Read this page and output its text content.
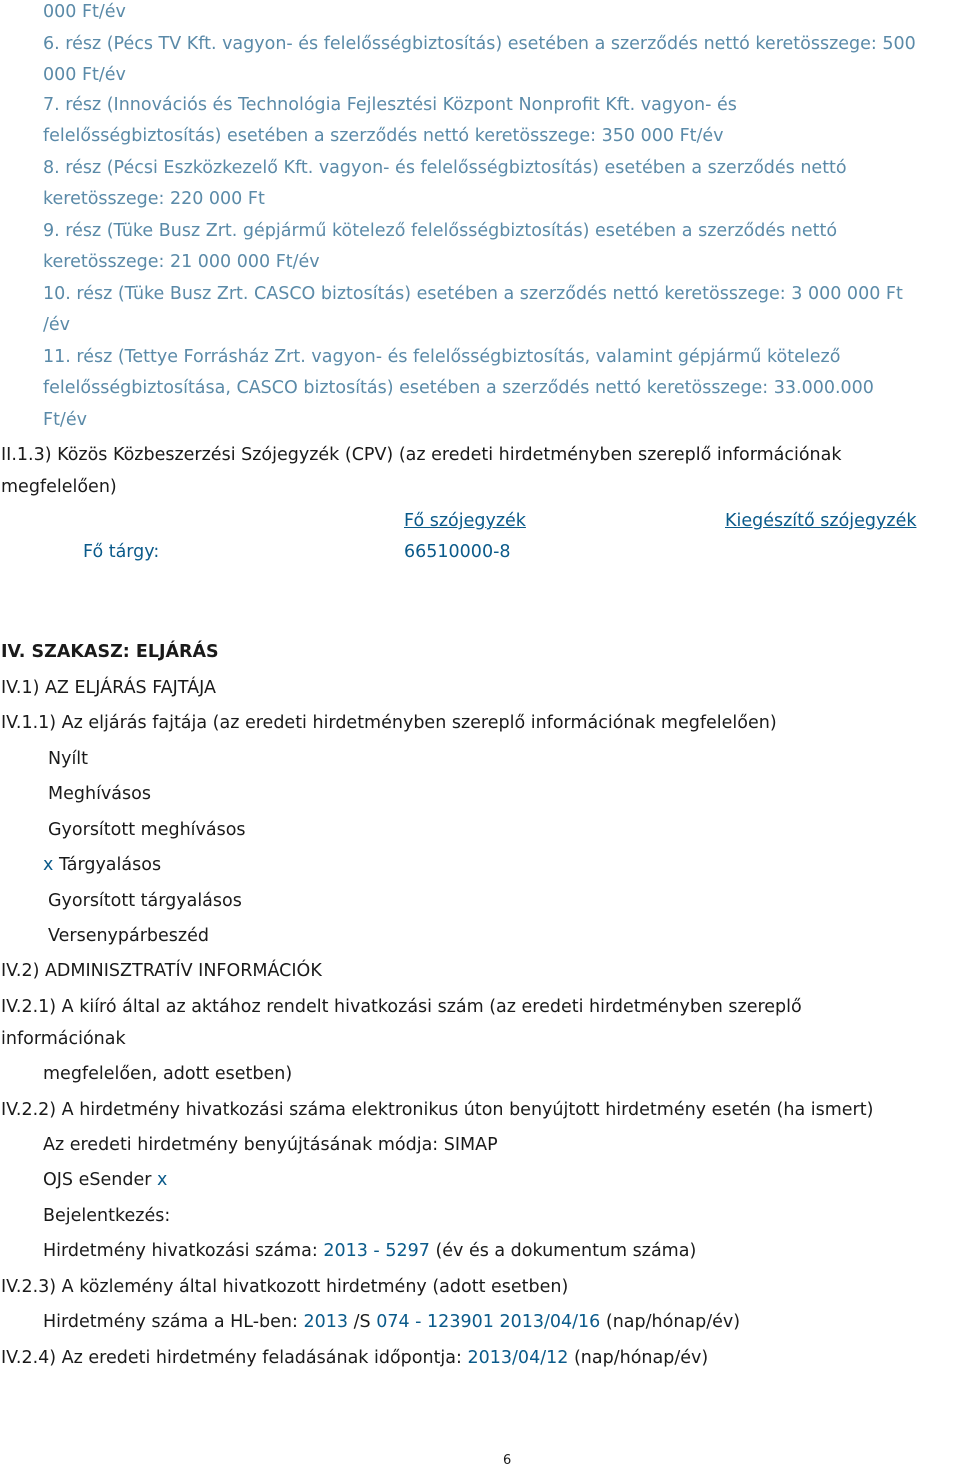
000 Ft/év
6. rész (Pécs TV Kft. vagyon- és felelősségbiztosítás) esetében a szerződés nettó keretösszege: 500
000 Ft/év
7. rész (Innovációs és Technológia Fejlesztési Központ Nonprofit Kft. vagyon- és
felelősségbiztosítás) esetében a szerződés nettó keretösszege: 350 000 Ft/év
8. rész (Pécsi Eszközkezelő Kft. vagyon- és felelősségbiztosítás) esetében a szerződés nettó
keretösszege: 220 000 Ft
9. rész (Tüke Busz Zrt. gépjármű kötelező felelősségbiztosítás) esetében a szerződés nettó
keretösszege: 21 000 000 Ft/év
10. rész (Tüke Busz Zrt. CASCO biztosítás) esetében a szerződés nettó keretösszege: 3 000 000 Ft
/év
11. rész (Tettye Forrásház Zrt. vagyon- és felelősségbiztosítás, valamint gépjármű kötelező
felelősségbiztosítása, CASCO biztosítás) esetében a szerződés nettó keretösszege: 33.000.000
Ft/év
II.1.3) Közös Közbeszerzési Szójegyzék (CPV) (az eredeti hirdetményben szereplő információnak
megfelelően)
Fő szójegyzék	Kiegészítő szójegyzék
Fő tárgy:	66510000-8
IV. SZAKASZ: ELJÁRÁS
IV.1) AZ ELJÁRÁS FAJTÁJA
IV.1.1) Az eljárás fajtája (az eredeti hirdetményben szereplő információnak megfelelően)
Nyílt
Meghívásos
Gyorsított meghívásos
x Tárgyalásos
Gyorsított tárgyalásos
Versenypárbeszéd
IV.2) ADMINISZTRATÍV INFORMÁCIÓK
IV.2.1) A kiíró által az aktához rendelt hivatkozási szám (az eredeti hirdetményben szereplő
információnak
megfelelően, adott esetben)
IV.2.2) A hirdetmény hivatkozási száma elektronikus úton benyújtott hirdetmény esetén (ha ismert)
Az eredeti hirdetmény benyújtásának módja: SIMAP
OJS eSender x
Bejelentkezés:
Hirdetmény hivatkozási száma: 2013 - 5297 (év és a dokumentum száma)
IV.2.3) A közlemény által hivatkozott hirdetmény (adott esetben)
Hirdetmény száma a HL-ben: 2013 /S 074 - 123901 2013/04/16 (nap/hónap/év)
IV.2.4) Az eredeti hirdetmény feladásának időpontja: 2013/04/12 (nap/hónap/év)
6
